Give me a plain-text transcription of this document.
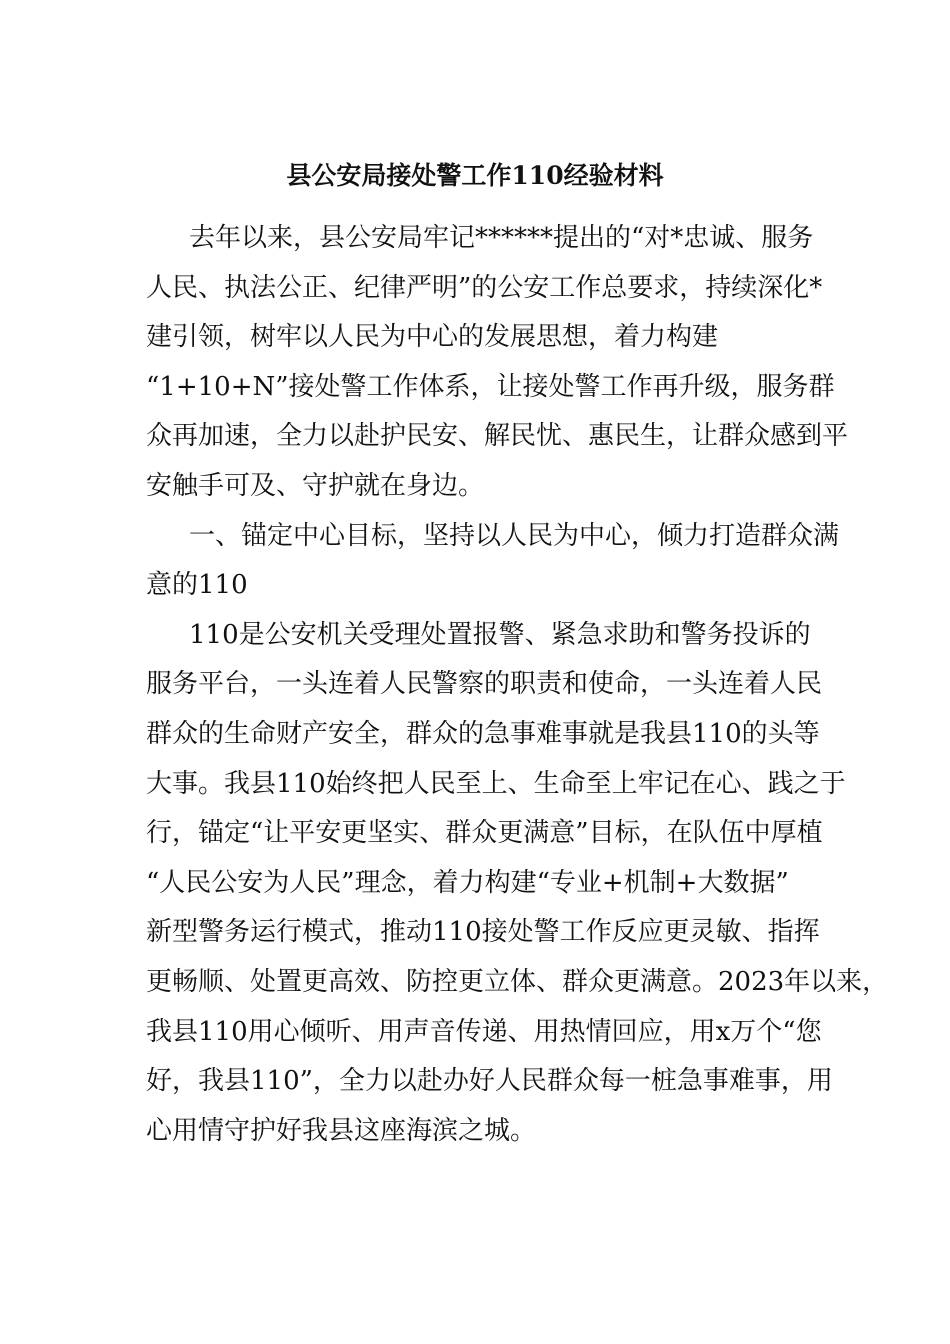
县公安局接处警工作110经验材料
去年以来，县公安局牢记******提出的“对*忠诚、服务
人民、执法公正、纪律严明”的公安工作总要求，持续深化*
建引领，树牢以人民为中心的发展思想，着力构建
“1+10+N”接处警工作体系，让接处警工作再升级，服务群
众再加速，全力以赴护民安、解民忧、惠民生，让群众感到平
安触手可及、守护就在身边。
一、锚定中心目标，坚持以人民为中心，倾力打造群众满
意的110
110是公安机关受理处置报警、紧急求助和警务投诉的
服务平台，一头连着人民警察的职责和使命，一头连着人民
群众的生命财产安全，群众的急事难事就是我县110的头等
大事。我县110始终把人民至上、生命至上牢记在心、践之于
行，锚定“让平安更坚实、群众更满意”目标，在队伍中厚植
“人民公安为人民”理念，着力构建“专业+机制+大数据”
新型警务运行模式，推动110接处警工作反应更灵敏、指挥
更畅顺、处置更高效、防控更立体、群众更满意。2023年以来，
我县110用心倾听、用声音传递、用热情回应，用x万个“您
好，我县110”，全力以赴办好人民群众每一桩急事难事，用
心用情守护好我县这座海滨之城。
